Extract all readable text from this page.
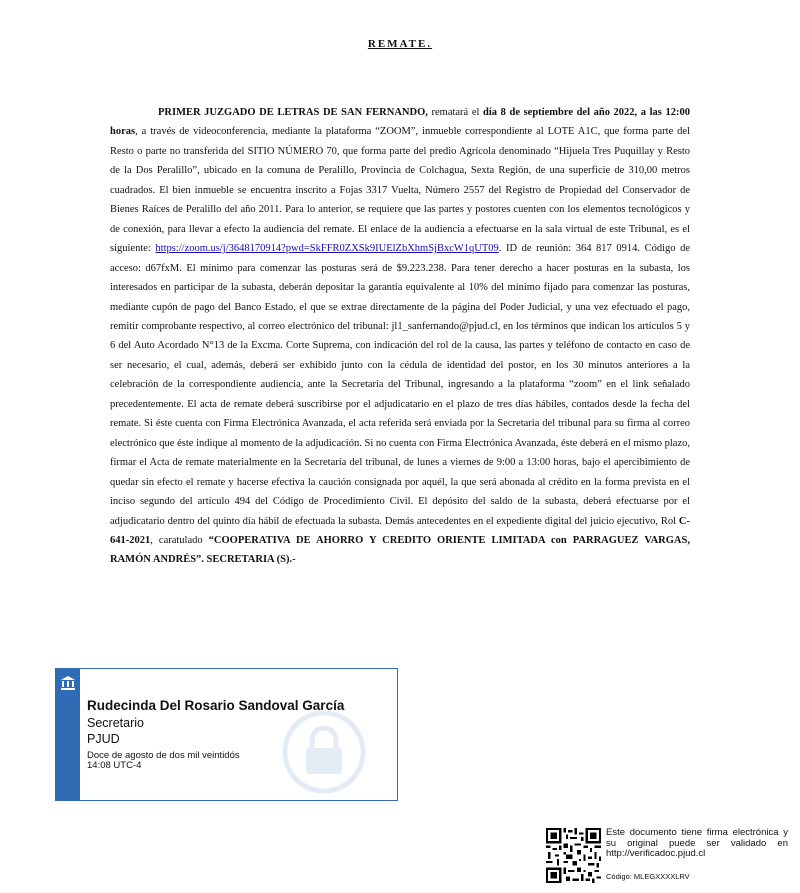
REMATE.

PRIMER JUZGADO DE LETRAS DE SAN FERNANDO, rematará el día 8 de septiembre del año 2022, a las 12:00 horas, a través de videoconferencia, mediante la plataforma “ZOOM”, inmueble correspondiente al LOTE A1C, que forma parte del Resto o parte no transferida del SITIO NÚMERO 70, que forma parte del predio Agrícola denominado “Hijuela Tres Puquillay y Resto de la Dos Peralillo”, ubicado en la comuna de Peralillo, Provincia de Colchagua, Sexta Región, de una superficie de 310,00 metros cuadrados. El bien inmueble se encuentra inscrito a Fojas 3317 Vuelta, Número 2557 del Registro de Propiedad del Conservador de Bienes Raíces de Peralillo del año 2011. Para lo anterior, se requiere que las partes y postores cuenten con los elementos tecnológicos y de conexión, para llevar a efecto la audiencia del remate. El enlace de la audiencia a efectuarse en la sala virtual de este Tribunal, es el siguiente: https://zoom.us/j/3648170914?pwd=SkFFR0ZXSk9IUElZbXhmSjBxcW1qUT09. ID de reunión: 364 817 0914. Código de acceso: d67fxM. El mínimo para comenzar las posturas será de $9.223.238. Para tener derecho a hacer posturas en la subasta, los interesados en participar de la subasta, deberán depositar la garantía equivalente al 10% del mínimo fijado para comenzar las posturas, mediante cupón de pago del Banco Estado, el que se extrae directamente de la página del Poder Judicial, y una vez efectuado el pago, remitir comprobante respectivo, al correo electrónico del tribunal: jl1_sanfernando@pjud.cl, en los términos que indican los artículos 5 y 6 del Auto Acordado N°13 de la Excma. Corte Suprema, con indicación del rol de la causa, las partes y teléfono de contacto en caso de ser necesario, el cual, además, deberá ser exhibido junto con la cédula de identidad del postor, en los 30 minutos anteriores a la celebración de la correspondiente audiencia, ante la Secretaria del Tribunal, ingresando a la plataforma “zoom” en el link señalado precedentemente. El acta de remate deberá suscribirse por el adjudicatario en el plazo de tres días hábiles, contados desde la fecha del remate. Si éste cuenta con Firma Electrónica Avanzada, el acta referida será enviada por la Secretaria del tribunal para su firma al correo electrónico que éste indique al momento de la adjudicación. Si no cuenta con Firma Electrónica Avanzada, éste deberá en el mismo plazo, firmar el Acta de remate materialmente en la Secretaría del tribunal, de lunes a viernes de 9:00 a 13:00 horas, bajo el apercibimiento de quedar sin efecto el remate y hacerse efectiva la caución consignada por aquél, la que será abonada al crédito en la forma prevista en el inciso segundo del artículo 494 del Código de Procedimiento Civil. El depósito del saldo de la subasta, deberá efectuarse por el adjudicatario dentro del quinto día hábil de efectuada la subasta. Demás antecedentes en el expediente digital del juicio ejecutivo, Rol C-641-2021, caratulado “COOPERATIVA DE AHORRO Y CREDITO ORIENTE LIMITADA con PARRAGUEZ VARGAS, RAMÓN ANDRÉS”. SECRETARIA (S).-

Rudecinda Del Rosario Sandoval García
Secretario
PJUD
Doce de agosto de dos mil veintidós
14:08 UTC-4
Este documento tiene firma electrónica y su original puede ser validado en http://verificadoc.pjud.cl
Código: MLEGXXXXLRV
